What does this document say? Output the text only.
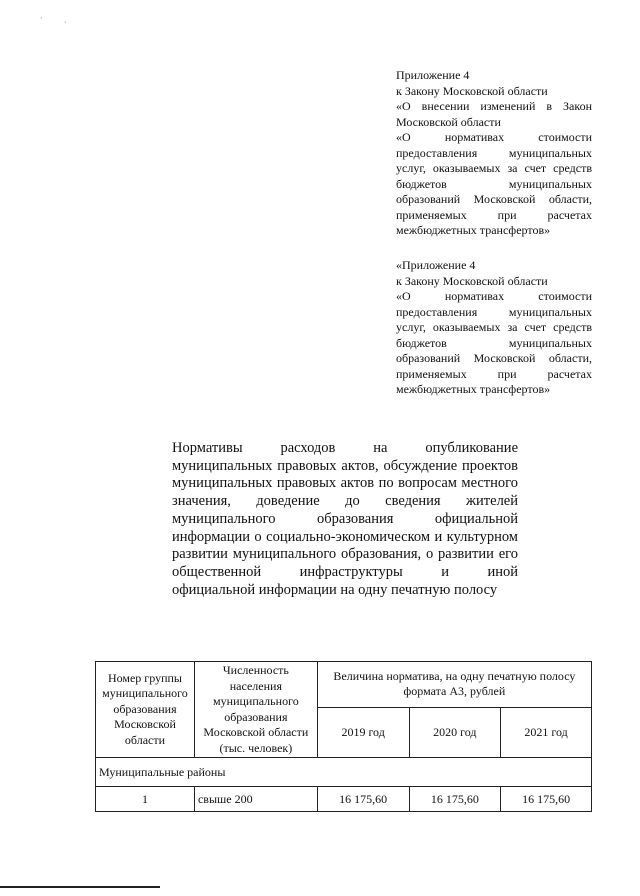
·	·

Приложение 4

к Закону Московской области

«О внесении изменений в Закон Московской области

«О нормативах стоимости предоставления муниципальных услуг, оказываемых за счет средств бюджетов муниципальных образований Московской области, применяемых при расчетах межбюджетных трансфертов»

«Приложение 4

к Закону Московской области

«О нормативах стоимости предоставления муниципальных услуг, оказываемых за счет средств бюджетов муниципальных образований Московской области, применяемых при расчетах межбюджетных трансфертов»

Нормативы расходов на опубликование муниципальных правовых актов, обсуждение проектов муниципальных правовых актов по вопросам местного значения, доведение до сведения жителей муниципального образования официальной информации о социально-экономическом и культурном развитии муниципального образования, о развитии его общественной инфраструктуры и иной
официальной информации на одну печатную полосу
Номер группы муниципального образования Московской области	Численность населения муниципального образования Московской области (тыс. человек)	Величина норматива, на одну печатную полосу формата А3, рублей		
		2019 год	2020 год	2021 год
Муниципальные районы				
1	свыше 200	16 175,60	16 175,60	16 175,60
